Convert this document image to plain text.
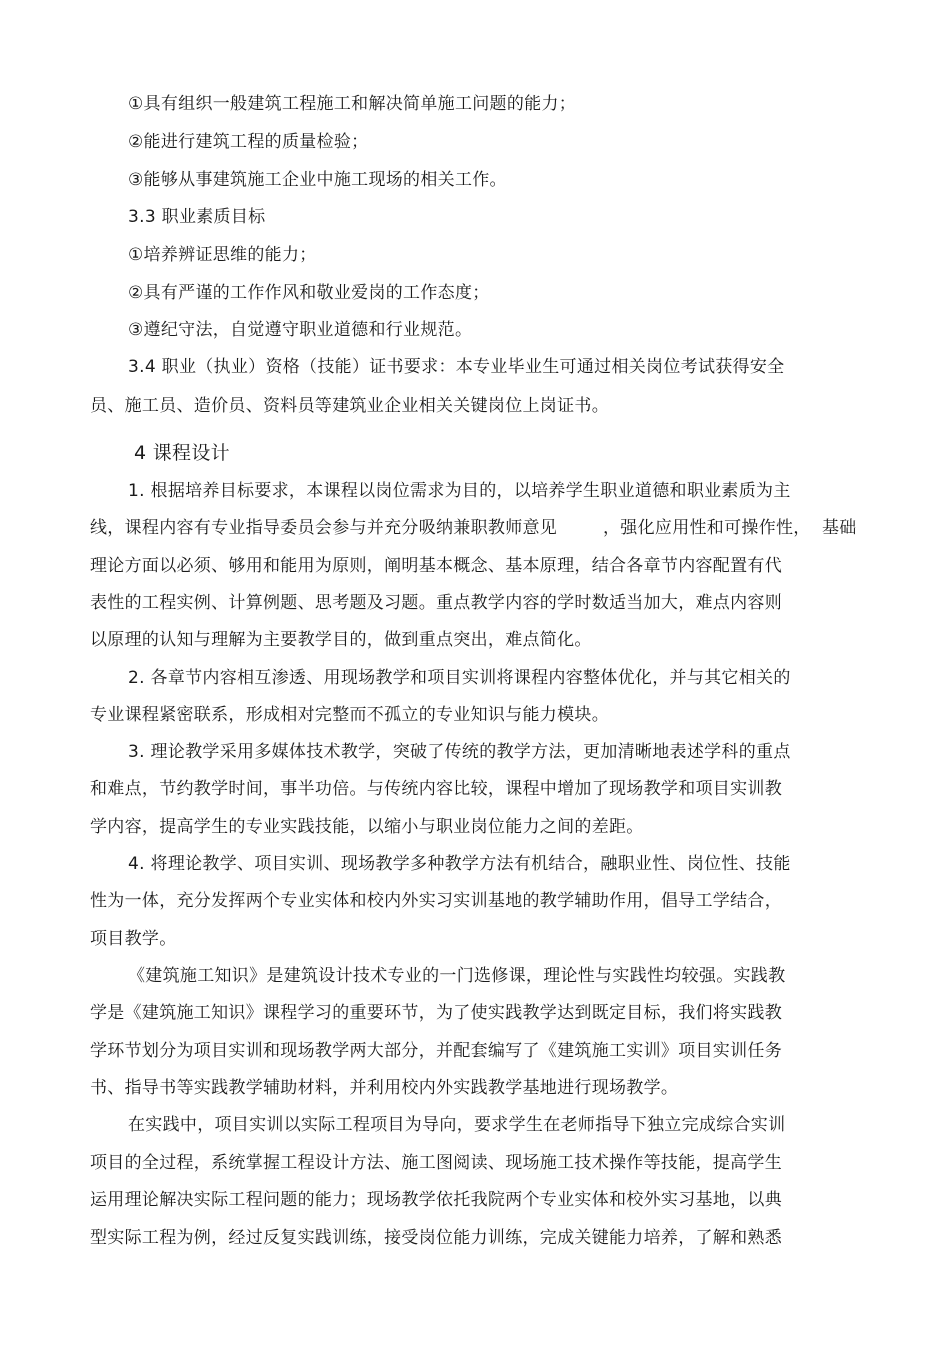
①具有组织一般建筑工程施工和解决简单施工问题的能力；
②能进行建筑工程的质量检验；
③能够从事建筑施工企业中施工现场的相关工作。
3.3 职业素质目标
①培养辨证思维的能力；
②具有严谨的工作作风和敬业爱岗的工作态度；
③遵纪守法，自觉遵守职业道德和行业规范。
3.4 职业（执业）资格（技能）证书要求：本专业毕业生可通过相关岗位考试获得安全
员、施工员、造价员、资料员等建筑业企业相关关键岗位上岗证书。
4 课程设计
1. 根据培养目标要求，本课程以岗位需求为目的，以培养学生职业道德和职业素质为主
线，课程内容有专业指导委员会参与并充分吸纳兼职教师意见	，强化应用性和可操作性， 基础
理论方面以必须、够用和能用为原则，阐明基本概念、基本原理，结合各章节内容配置有代
表性的工程实例、计算例题、思考题及习题。重点教学内容的学时数适当加大，难点内容则
以原理的认知与理解为主要教学目的，做到重点突出，难点简化。
2. 各章节内容相互渗透、用现场教学和项目实训将课程内容整体优化，并与其它相关的
专业课程紧密联系，形成相对完整而不孤立的专业知识与能力模块。
3. 理论教学采用多媒体技术教学，突破了传统的教学方法，更加清晰地表述学科的重点
和难点，节约教学时间，事半功倍。与传统内容比较，课程中增加了现场教学和项目实训教
学内容，提高学生的专业实践技能，以缩小与职业岗位能力之间的差距。
4. 将理论教学、项目实训、现场教学多种教学方法有机结合，融职业性、岗位性、技能
性为一体，充分发挥两个专业实体和校内外实习实训基地的教学辅助作用，倡导工学结合，
项目教学。
《建筑施工知识》是建筑设计技术专业的一门选修课，理论性与实践性均较强。实践教
学是《建筑施工知识》课程学习的重要环节，为了使实践教学达到既定目标，我们将实践教
学环节划分为项目实训和现场教学两大部分，并配套编写了《建筑施工实训》项目实训任务
书、指导书等实践教学辅助材料，并利用校内外实践教学基地进行现场教学。
在实践中，项目实训以实际工程项目为导向，要求学生在老师指导下独立完成综合实训
项目的全过程，系统掌握工程设计方法、施工图阅读、现场施工技术操作等技能，提高学生
运用理论解决实际工程问题的能力；现场教学依托我院两个专业实体和校外实习基地，以典
型实际工程为例，经过反复实践训练，接受岗位能力训练，完成关键能力培养，了解和熟悉
